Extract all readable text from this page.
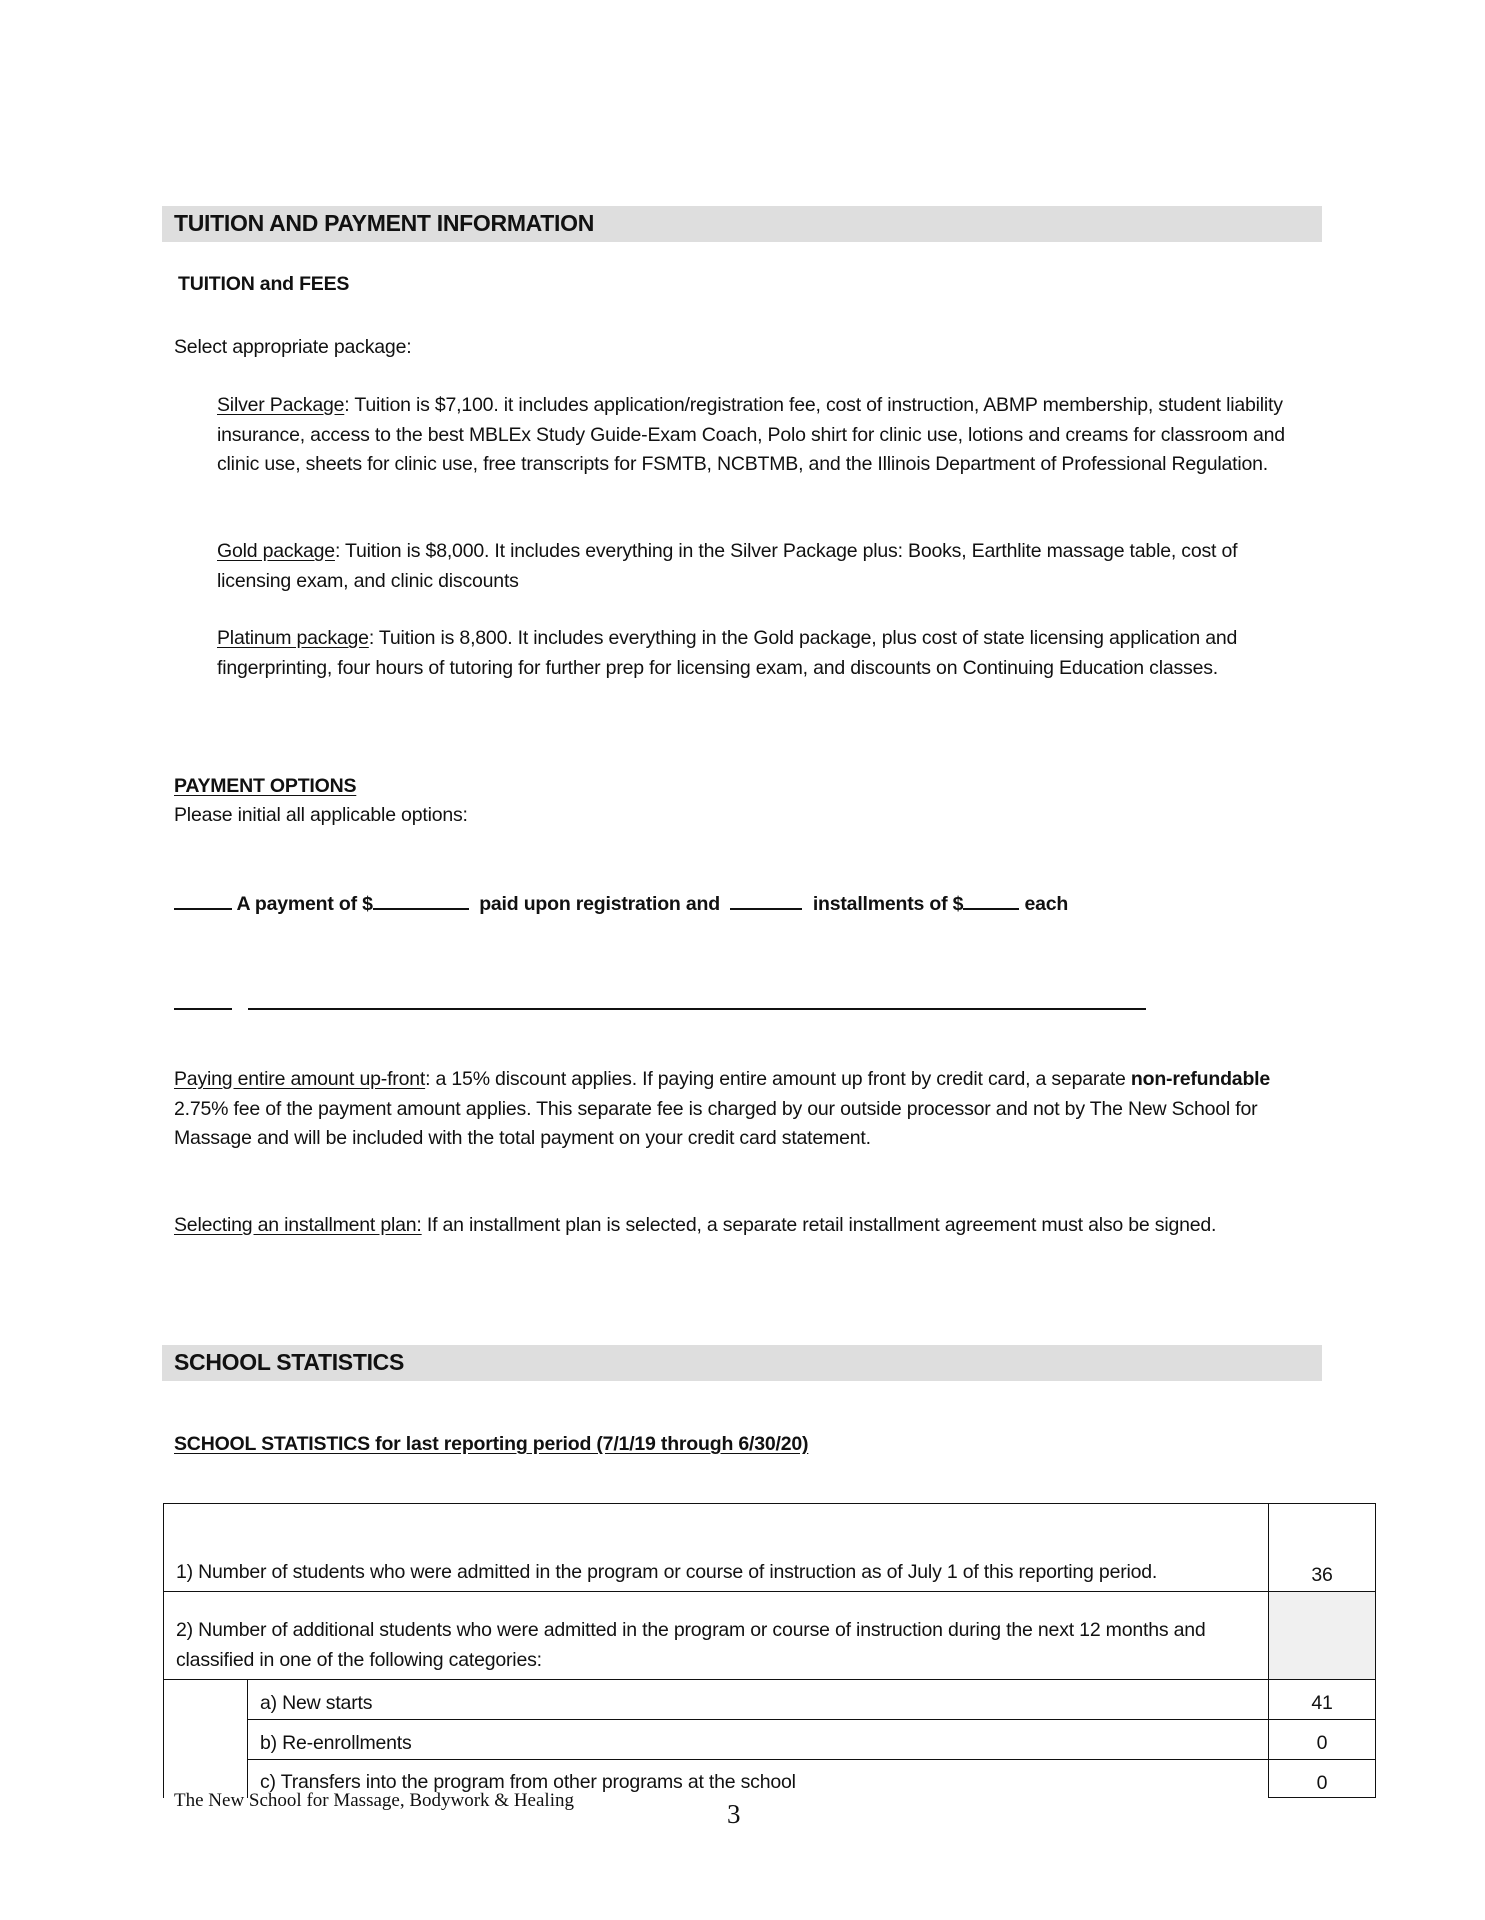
TUITION AND PAYMENT INFORMATION
TUITION and FEES
Select appropriate package:
Silver Package: Tuition is $7,100. it includes application/registration fee, cost of instruction, ABMP membership, student liability insurance, access to the best MBLEx Study Guide-Exam Coach, Polo shirt for clinic use, lotions and creams for classroom and clinic use, sheets for clinic use, free transcripts for FSMTB, NCBTMB, and the Illinois Department of Professional Regulation.
Gold package: Tuition is $8,000. It includes everything in the Silver Package plus: Books, Earthlite massage table, cost of licensing exam, and clinic discounts
Platinum package: Tuition is 8,800. It includes everything in the Gold package, plus cost of state licensing application and fingerprinting, four hours of tutoring for further prep for licensing exam, and discounts on Continuing Education classes.
PAYMENT OPTIONS
Please initial all applicable options:
A payment of $	paid upon registration and	installments of $	each

Paying entire amount up-front: a 15% discount applies. If paying entire amount up front by credit card, a separate non-refundable 2.75% fee of the payment amount applies. This separate fee is charged by our outside processor and not by The New School for Massage and will be included with the total payment on your credit card statement.
Selecting an installment plan: If an installment plan is selected, a separate retail installment agreement must also be signed.
SCHOOL STATISTICS
SCHOOL STATISTICS for last reporting period (7/1/19 through 6/30/20)
1) Number of students who were admitted in the program or course of instruction as of July 1 of this reporting period.		36
2) Number of additional students who were admitted in the program or course of instruction during the next 12 months and classified in one of the following categories:		
	a) New starts	41
	b) Re-enrollments	0
	c) Transfers into the program from other programs at the school	0
The New School for Massage, Bodywork & Healing	3
